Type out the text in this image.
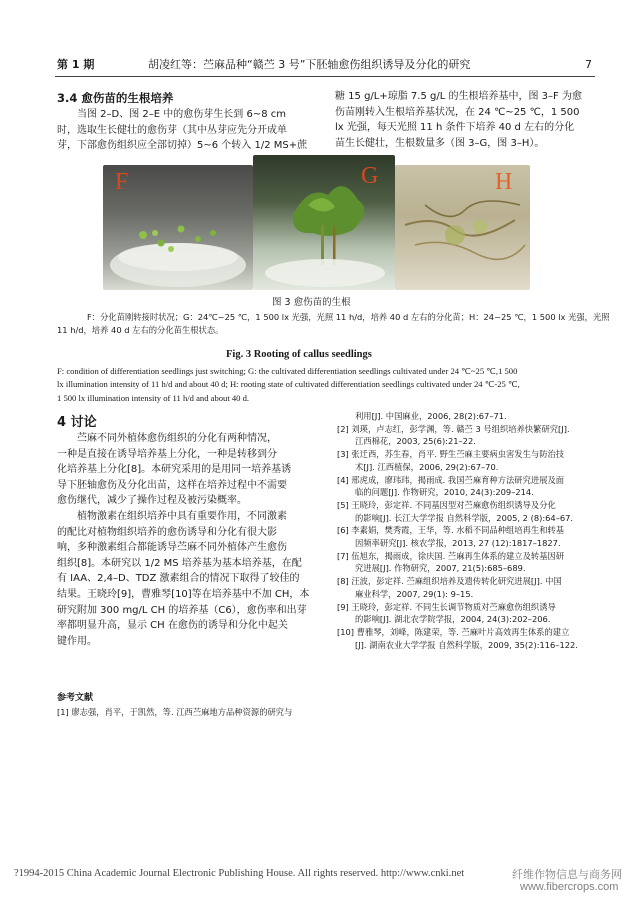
第 1 期	胡凌红等：苎麻品种“赣苎 3 号”下胚轴愈伤组织诱导及分化的研究	7
3.4 愈伤苗的生根培养
当图 2–D、图 2–E 中的愈伤芽生长到 6~8 cm
时，选取生长健壮的愈伤芽（其中丛芽应先分开成单
芽，下部愈伤组织应全部切掉）5~6 个转入 1/2 MS+蔗
糖 15 g/L+琼脂 7.5 g/L 的生根培养基中，图 3–F 为愈
伤苗刚转入生根培养基状况，在 24 ℃~25 ℃，1 500
lx 光强，每天光照 11 h 条件下培养 40 d 左右的分化
苗生长健壮，生根数量多（图 3–G，图 3–H）。
F	G	H
图 3 愈伤苗的生根
F：分化苗刚转接时状况；G：24℃~25 ℃，1 500 lx 光强，光照 11 h/d，培养 40 d 左右的分化苗；H：24~25 ℃，1 500 lx 光强，光照
11 h/d，培养 40 d 左右的分化苗生根状态。
Fig. 3 Rooting of callus seedlings
F: condition of differentiation seedlings just switching; G: the cultivated differentiation seedlings cultivated under 24 ℃~25 ℃,1 500
lx illumination intensity of 11 h/d and about 40 d; H: rooting state of cultivated differentiation seedlings cultivated under 24 ℃-25 ℃,
1 500 lx illumination intensity of 11 h/d and about 40 d.
4 讨论
苎麻不同外植体愈伤组织的分化有两种情况，
一种是直接在诱导培养基上分化，一种是转移到分
化培养基上分化[8]。本研究采用的是用同一培养基诱
导下胚轴愈伤及分化出苗，这样在培养过程中不需要
愈伤继代，减少了操作过程及被污染概率。
植物激素在组织培养中具有重要作用，不同激素
的配比对植物组织培养的愈伤诱导和分化有很大影
响，多种激素组合都能诱导苎麻不同外植体产生愈伤
组织[8]。本研究以 1/2 MS 培养基为基本培养基，在配
有 IAA、2,4–D、TDZ 激素组合的情况下取得了较佳的
结果。王晓玲[9]，曹雅琴[10]等在培养基中不加 CH，本
研究附加 300 mg/L CH 的培养基（C6），愈伤率和出芽
率都明显升高，显示 CH 在愈伤的诱导和分化中起关
键作用。
参考文献
[1] 廖志强，肖平，于凯然，等. 江西苎麻地方品种资源的研究与
利用[J]. 中国麻业，2006, 28(2):67–71.
[2] 刘瑛，卢志红，彭学渊，等. 赣苎 3 号组织培养快繁研究[J].
江西棉花，2003, 25(6):21–22.
[3] 张迁西，苏生春，肖平. 野生苎麻主要病虫害发生与防治技
术[J]. 江西植保，2006, 29(2):67–70.
[4] 邢虎成，廖玮玮，揭雨成. 我国苎麻育种方法研究进展及面
临的问题[J]. 作物研究，2010, 24(3):209–214.
[5] 王晓玲，彭定祥. 不同基因型对苎麻愈伤组织诱导及分化
的影响[J]. 长江大学学报 自然科学版，2005, 2 (8):64–67.
[6] 李素娟，樊秀霞，王华，等. 水稻不同品种组培再生和转基
因频率研究[J]. 核农学报，2013, 27 (12):1817–1827.
[7] 伍旭东，揭雨成，徐庆国. 苎麻再生体系的建立及转基因研
究进展[J]. 作物研究，2007, 21(5):685–689.
[8] 汪波，彭定祥. 苎麻组织培养及遗传转化研究进展[J]. 中国
麻业科学，2007, 29(1): 9–15.
[9] 王晓玲，彭定祥. 不同生长调节物质对苎麻愈伤组织诱导
的影响[J]. 湖北农学院学报，2004, 24(3):202–206.
[10] 曹雅琴，刘峰，陈建荣，等. 苎麻叶片高效再生体系的建立
[J]. 湖南农业大学学报 自然科学版，2009, 35(2):116–122.
?1994-2015 China Academic Journal Electronic Publishing House. All rights reserved. http://www.cnki.net	纤维作物信息与商务网
www.fibercrops.com
